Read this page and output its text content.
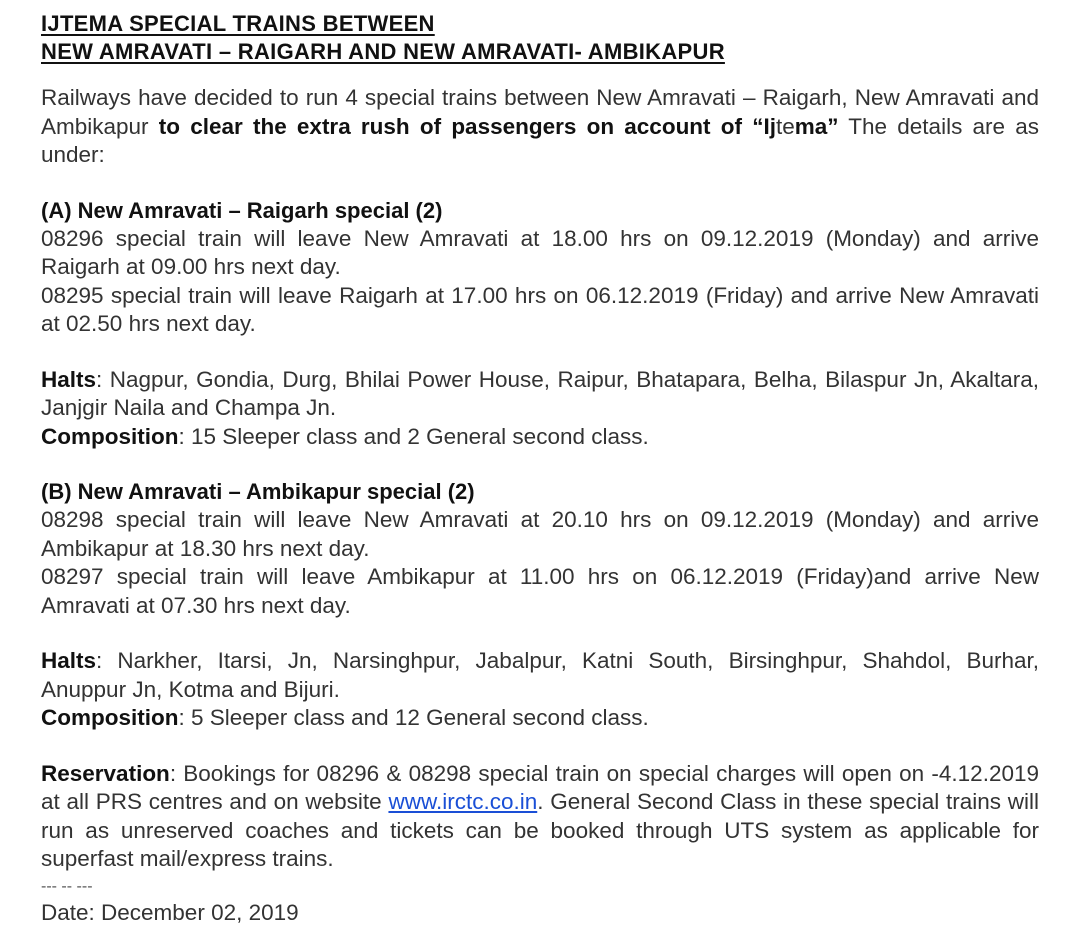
IJTEMA SPECIAL TRAINS BETWEEN

NEW AMRAVATI – RAIGARH AND NEW AMRAVATI- AMBIKAPUR

Railways have decided to run 4 special trains between New Amravati – Raigarh, New Amravati and Ambikapur to clear the extra rush of passengers on account of “Ijtema” The details are as under:

(A) New Amravati – Raigarh special (2)

08296 special train will leave New Amravati at 18.00 hrs on 09.12.2019 (Monday) and arrive Raigarh at 09.00 hrs next day.

08295 special train will leave Raigarh at 17.00 hrs on 06.12.2019 (Friday) and arrive New Amravati at 02.50 hrs next day.

Halts: Nagpur, Gondia, Durg, Bhilai Power House, Raipur, Bhatapara, Belha, Bilaspur Jn, Akaltara, Janjgir Naila and Champa Jn.

Composition: 15 Sleeper class and 2 General second class.

(B) New Amravati – Ambikapur special (2)

08298 special train will leave New Amravati at 20.10 hrs on 09.12.2019 (Monday) and arrive Ambikapur at 18.30 hrs next day.

08297 special train will leave Ambikapur at 11.00 hrs on 06.12.2019 (Friday)and arrive New Amravati at 07.30 hrs next day.

Halts: Narkher, Itarsi, Jn, Narsinghpur, Jabalpur, Katni South, Birsinghpur, Shahdol, Burhar, Anuppur Jn, Kotma and Bijuri.

Composition: 5 Sleeper class and 12 General second class.

Reservation: Bookings for 08296 & 08298 special train on special charges will open on -4.12.2019 at all PRS centres and on website www.irctc.co.in. General Second Class in these special trains will run as unreserved coaches and tickets can be booked through UTS system as applicable for superfast mail/express trains.

--- -- ---

Date: December 02, 2019
